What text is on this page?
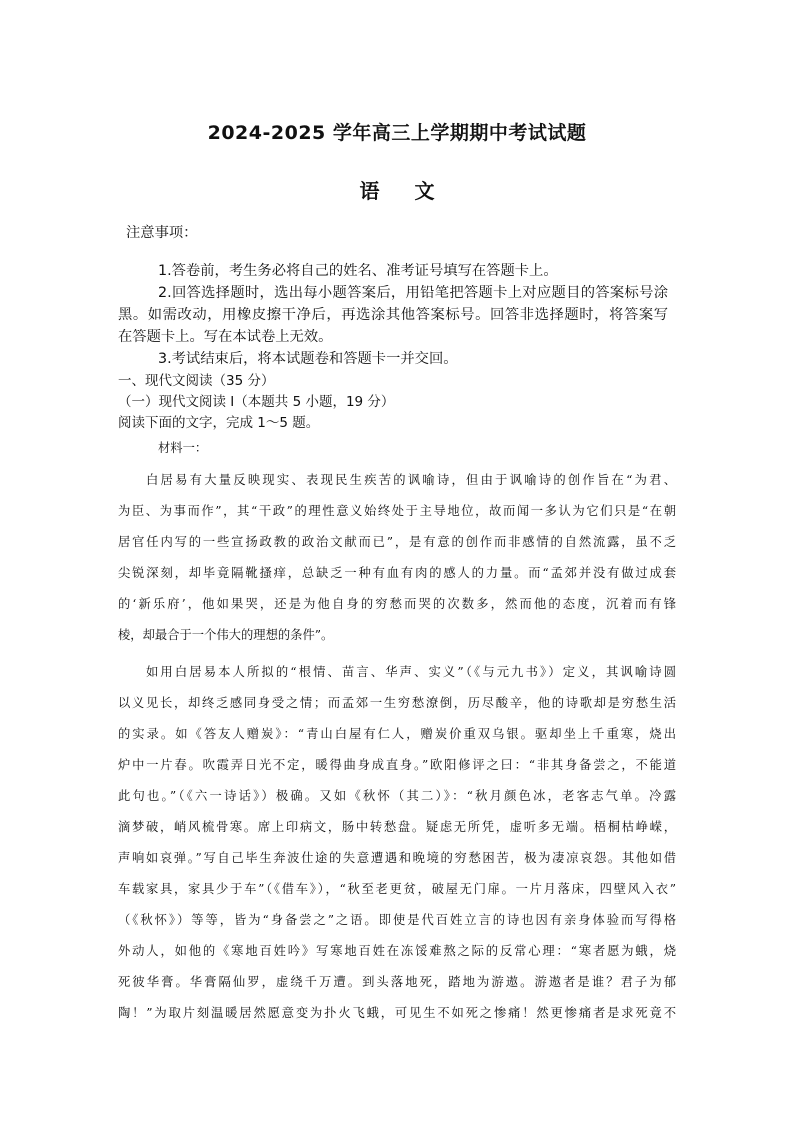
2024-2025 学年高三上学期期中考试试题
语 文

注意事项：

1.答卷前，考生务必将自己的姓名、准考证号填写在答题卡上。

2.回答选择题时，选出每小题答案后，用铅笔把答题卡上对应题目的答案标号涂

黑。如需改动，用橡皮擦干净后，再选涂其他答案标号。回答非选择题时，将答案写

在答题卡上。写在本试卷上无效。

3.考试结束后，将本试题卷和答题卡一并交回。

一、现代文阅读（35 分）

（一）现代文阅读 I（本题共 5 小题，19 分）

阅读下面的文字，完成 1～5 题。

材料一：

白居易有大量反映现实、表现民生疾苦的讽喻诗，但由于讽喻诗的创作旨在“为君、

为臣、为事而作”，其“干政”的理性意义始终处于主导地位，故而闻一多认为它们只是“在朝

居官任内写的一些宣扬政教的政治文献而已”，是有意的创作而非感情的自然流露，虽不乏

尖锐深刻，却毕竟隔靴搔痒，总缺乏一种有血有肉的感人的力量。而“孟郊并没有做过成套

的‘新乐府’，他如果哭，还是为他自身的穷愁而哭的次数多，然而他的态度，沉着而有锋

棱，却最合于一个伟大的理想的条件”。

如用白居易本人所拟的“根情、苗言、华声、实义”（《与元九书》）定义，其讽喻诗圆

以义见长，却终乏感同身受之情；而孟郊一生穷愁潦倒，历尽酸辛，他的诗歌却是穷愁生活

的实录。如《答友人赠炭》：“青山白屋有仁人，赠炭价重双乌银。驱却坐上千重寒，烧出

炉中一片春。吹霞弄日光不定，暖得曲身成直身。”欧阳修评之曰：“非其身备尝之，不能道

此句也。”（《六一诗话》）极确。又如《秋怀（其二）》：“秋月颜色冰，老客志气单。冷露

滴梦破，峭风梳骨寒。席上印病文，肠中转愁盘。疑虑无所凭，虚听多无端。梧桐枯峥嵘，

声响如哀弹。”写自己毕生奔波仕途的失意遭遇和晚境的穷愁困苦，极为凄凉哀怨。其他如借

车载家具，家具少于车”（《借车》），“秋至老更贫，破屋无门扉。一片月落床，四壁风入衣”

（《秋怀》）等等，皆为“身备尝之”之语。即使是代百姓立言的诗也因有亲身体验而写得格

外动人，如他的《寒地百姓吟》写寒地百姓在冻馁难熬之际的反常心理：“寒者愿为蛾，烧

死彼华膏。华膏隔仙罗，虚绕千万遭。到头落地死，踏地为游遨。游遨者是谁？君子为郁

陶！”为取片刻温暖居然愿意变为扑火飞蛾，可见生不如死之惨痛！然更惨痛者是求死竟不
